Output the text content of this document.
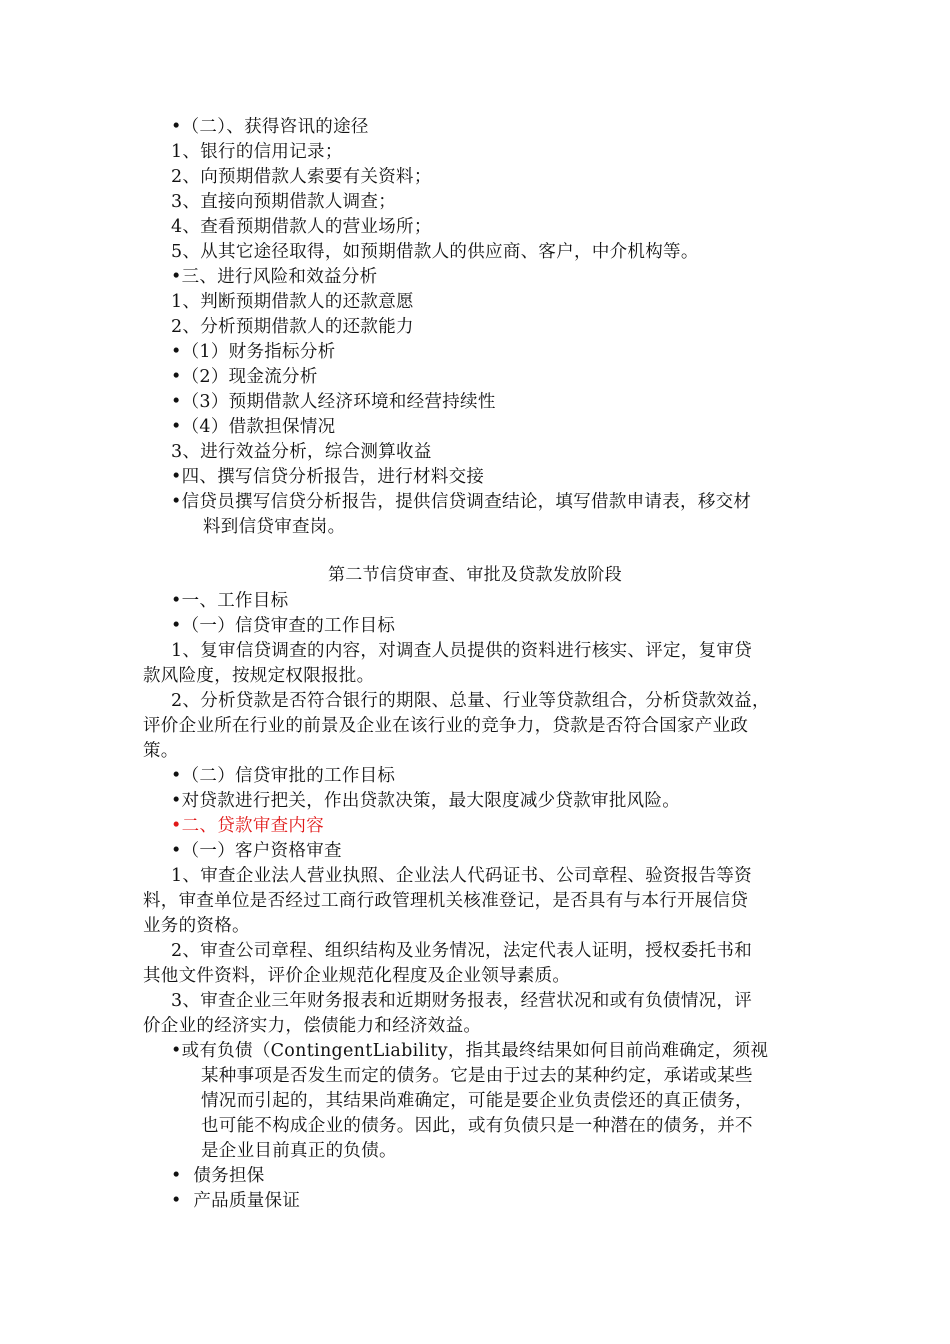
•（二）、获得咨讯的途径

1、银行的信用记录；

2、向预期借款人索要有关资料；

3、直接向预期借款人调查；

4、查看预期借款人的营业场所；

5、从其它途径取得，如预期借款人的供应商、客户，中介机构等。

•三、进行风险和效益分析

1、判断预期借款人的还款意愿

2、分析预期借款人的还款能力

•（1）财务指标分析

•（2）现金流分析

•（3）预期借款人经济环境和经营持续性

•（4）借款担保情况

3、进行效益分析，综合测算收益

•四、撰写信贷分析报告，进行材料交接

•信贷员撰写信贷分析报告，提供信贷调查结论，填写借款申请表，移交材

料到信贷审查岗。

第二节信贷审查、审批及贷款发放阶段

•一、工作目标

•（一）信贷审查的工作目标

1、复审信贷调查的内容，对调查人员提供的资料进行核实、评定，复审贷

款风险度，按规定权限报批。

2、分析贷款是否符合银行的期限、总量、行业等贷款组合，分析贷款效益，

评价企业所在行业的前景及企业在该行业的竞争力，贷款是否符合国家产业政

策。

•（二）信贷审批的工作目标

•对贷款进行把关，作出贷款决策，最大限度减少贷款审批风险。

•二、贷款审查内容

•（一）客户资格审查

1、审查企业法人营业执照、企业法人代码证书、公司章程、验资报告等资

料，审查单位是否经过工商行政管理机关核准登记，是否具有与本行开展信贷

业务的资格。

2、审查公司章程、组织结构及业务情况，法定代表人证明，授权委托书和

其他文件资料，评价企业规范化程度及企业领导素质。

3、审查企业三年财务报表和近期财务报表，经营状况和或有负债情况，评

价企业的经济实力，偿债能力和经济效益。

•或有负债（ContingentLiability，指其最终结果如何目前尚难确定，须视

某种事项是否发生而定的债务。它是由于过去的某种约定，承诺或某些

情况而引起的，其结果尚难确定，可能是要企业负责偿还的真正债务，

也可能不构成企业的债务。因此，或有负债只是一种潜在的债务，并不

是企业目前真正的负债。

•  债务担保

•  产品质量保证
